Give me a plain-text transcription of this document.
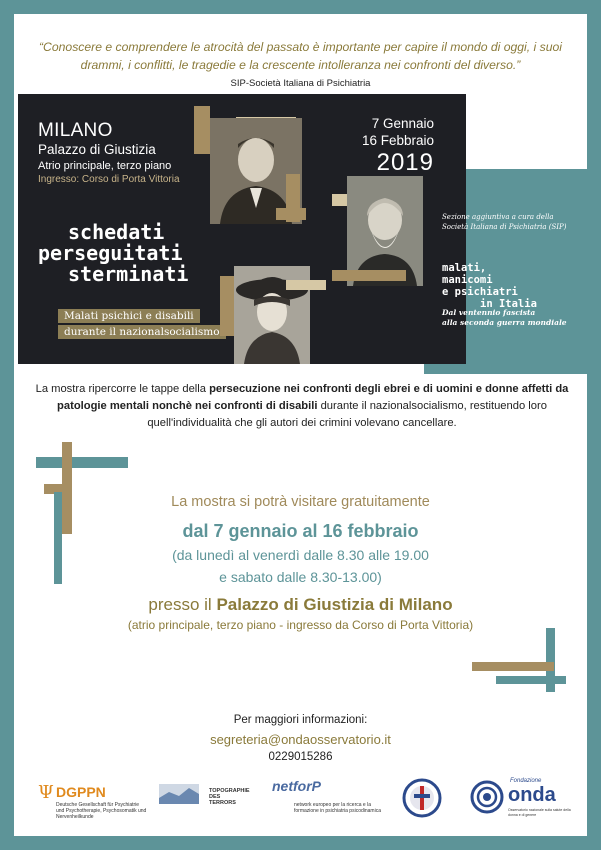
“Conoscere e comprendere le atrocità del passato è importante per capire il mondo di oggi, i suoi drammi, i conflitti, le tragedie e la crescente intolleranza nei confronti del diverso.”
SIP-Società Italiana di Psichiatria
MILANO
Palazzo di Giustizia
Atrio principale, terzo piano
Ingresso: Corso di Porta Vittoria
7 Gennaio
16 Febbraio
2019
schedati
perseguitati
sterminati
Malati psichici e disabili
durante il nazionalsocialismo
Sezione aggiuntiva a cura della Società Italiana di Psichiatria (SIP)
malati,
manicomi
e psichiatri
in Italia
Dal ventennio fascista
alla seconda guerra mondiale
La mostra ripercorre le tappe della persecuzione nei confronti degli ebrei e di uomini e donne affetti da patologie mentali nonchè nei confronti di disabili durante il nazionalsocialismo, restituendo loro quell'individualità che gli autori dei crimini volevano cancellare.
La mostra si potrà visitare gratuitamente
dal 7 gennaio al 16 febbraio
(da lunedì al venerdì dalle 8.30 alle 19.00
e sabato dalle 8.30-13.00)
presso il Palazzo di Giustizia di Milano
(atrio principale, terzo piano - ingresso da Corso di Porta Vittoria)
Per maggiori informazioni:
segreteria@ondaosservatorio.it
0229015286
Ψ DGPPN
Deutsche Gesellschaft für Psychiatrie und Psychotherapie, Psychosomatik und Nervenheilkunde
TOPOGRAPHIE DES TERRORS
netforP
network europeo per la ricerca e la formazione in psichiatria psicodinamica
Fondazione
onda
Osservatorio nazionale sulla salute della donna e di genere
